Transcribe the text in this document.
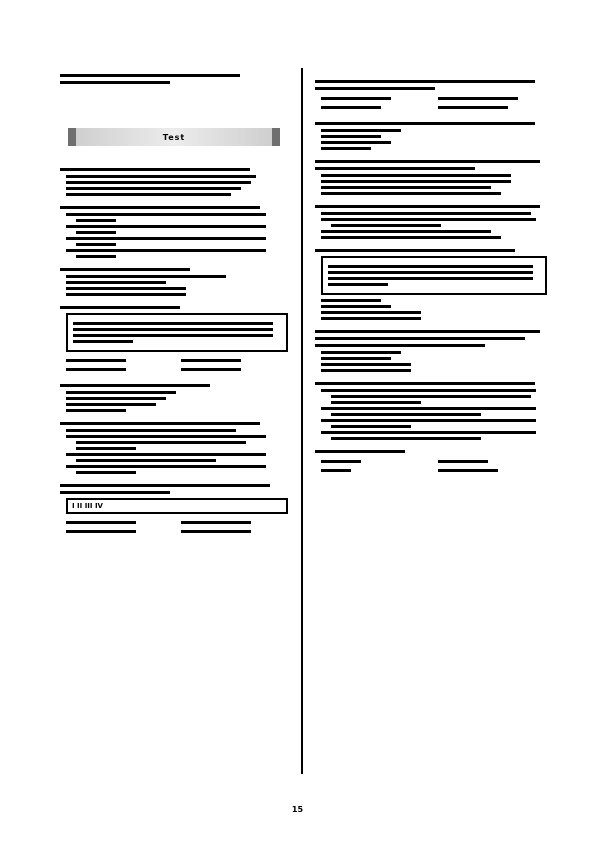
Test
I II III IV
15
